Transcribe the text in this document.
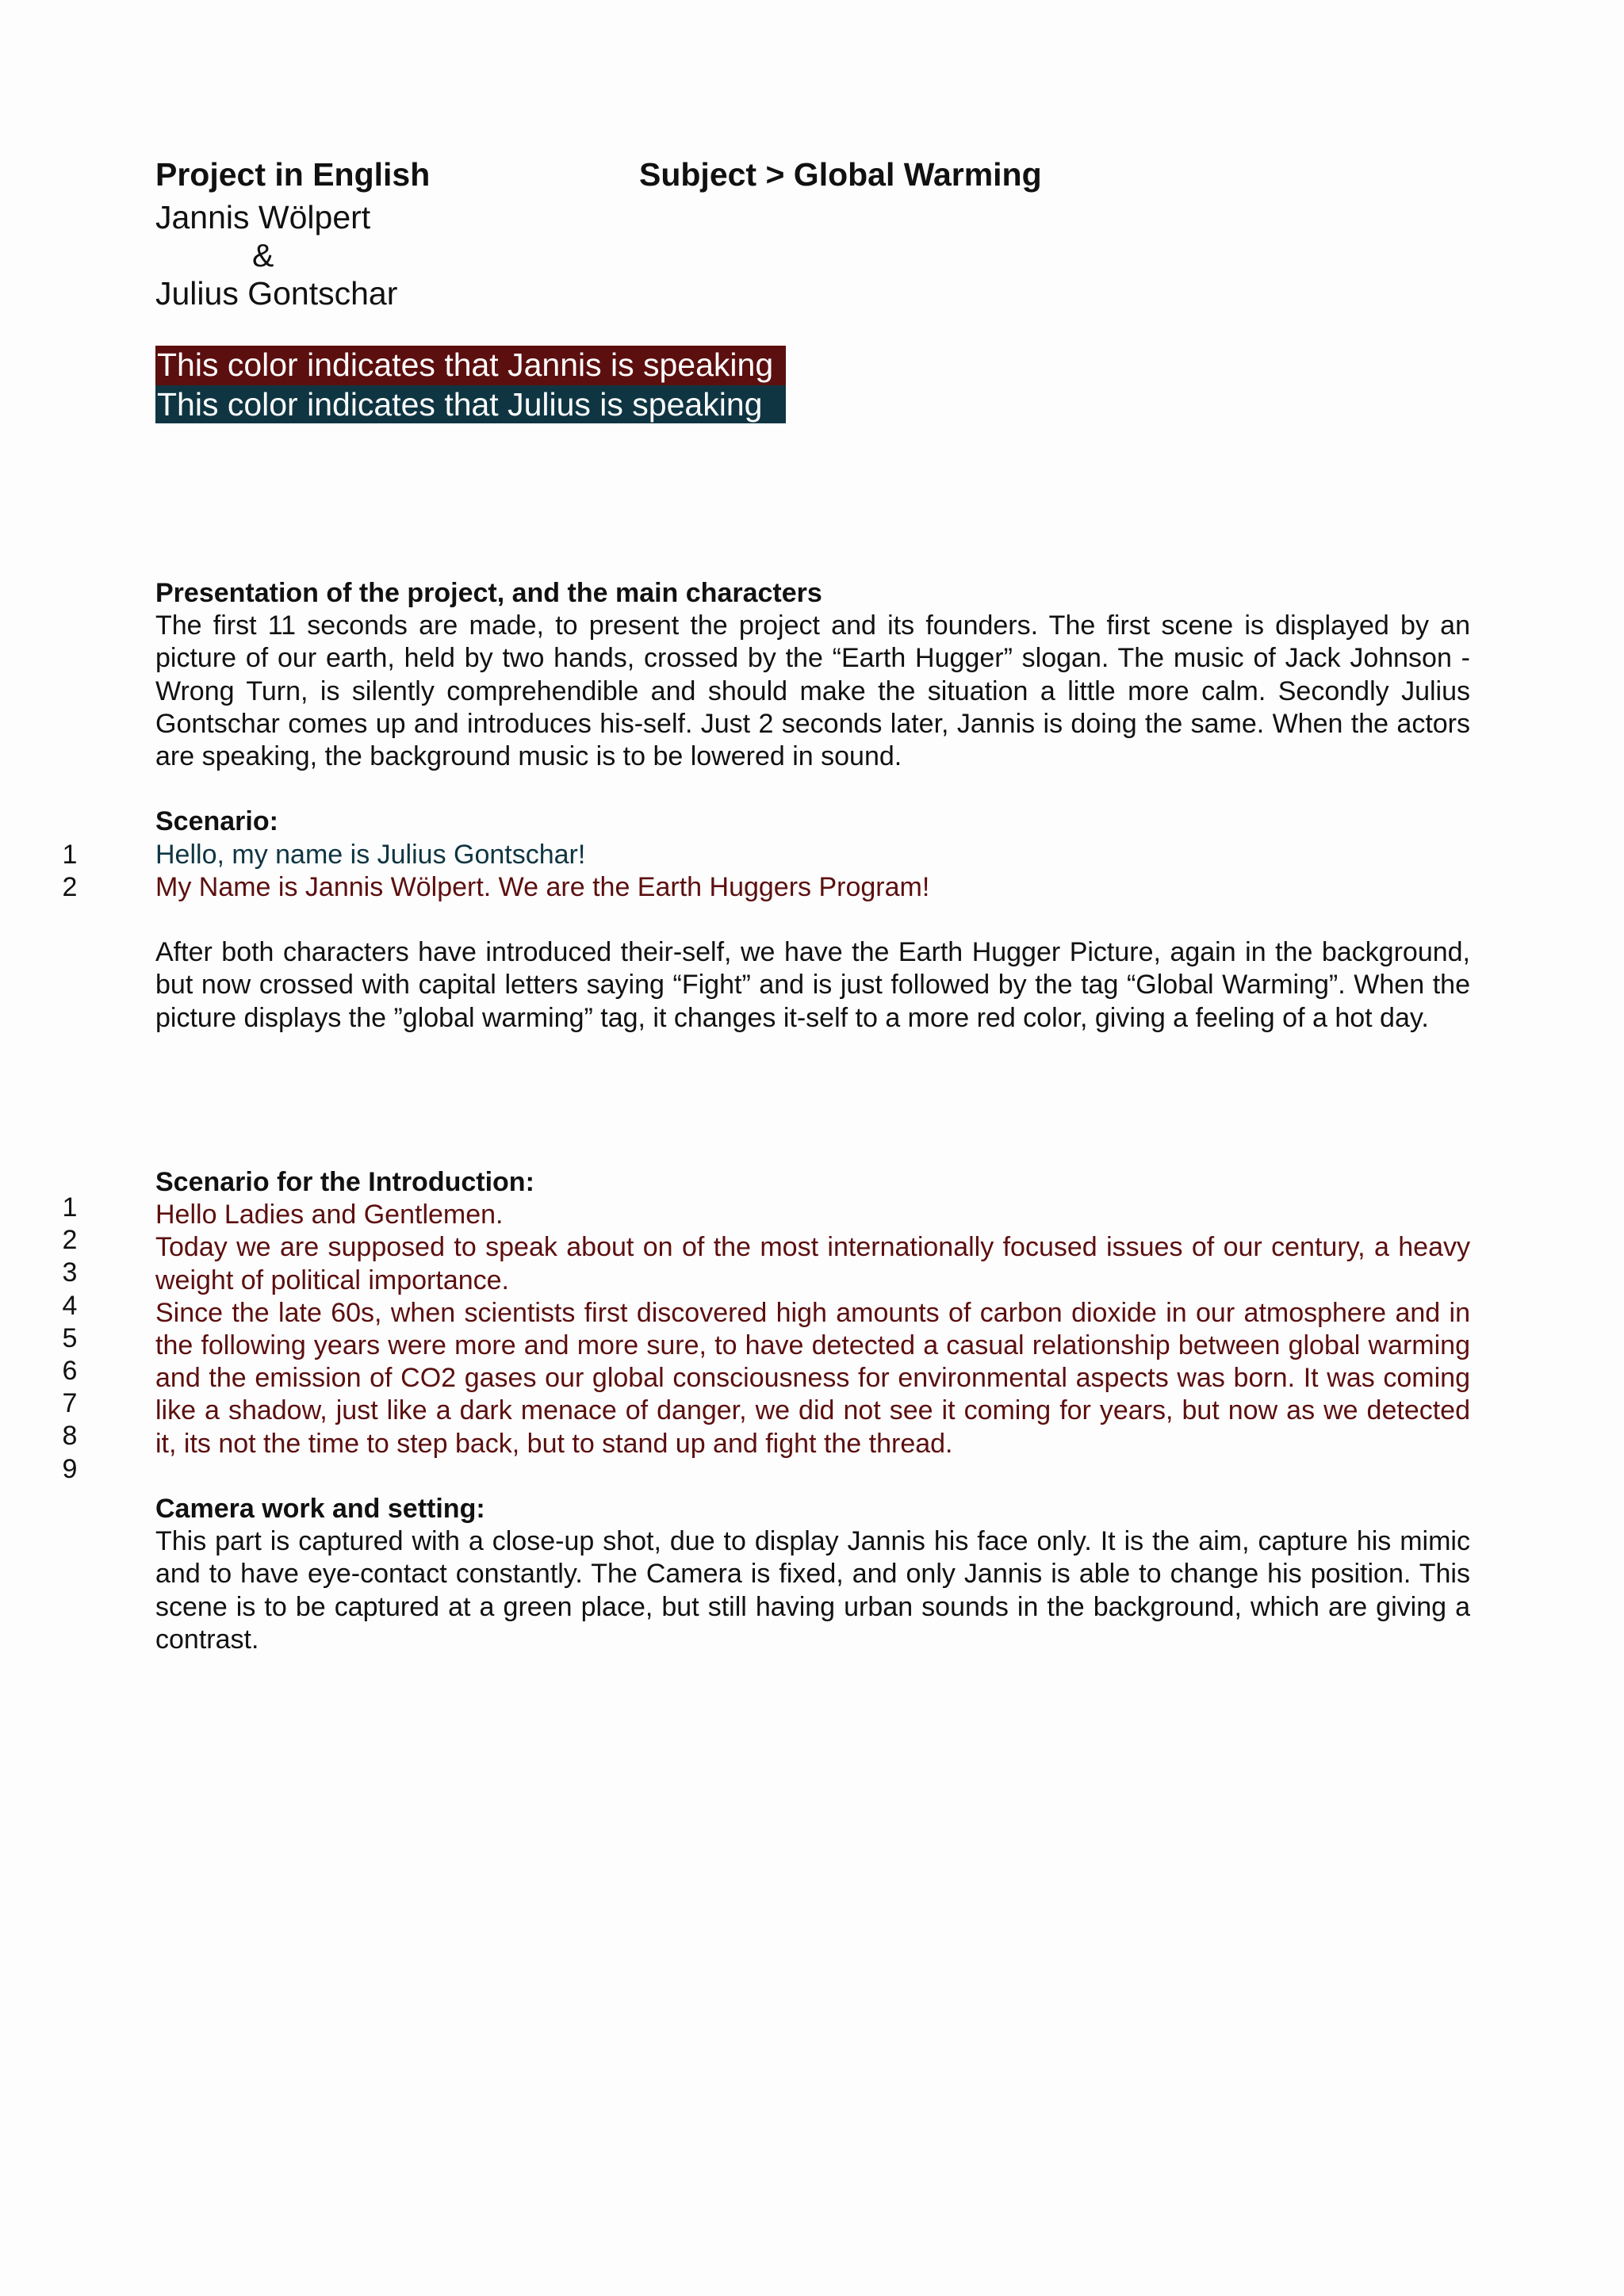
Project in English	Subject > Global Warming
Jannis Wölpert
&
Julius Gontschar
This color indicates that Jannis is speaking
This color indicates that Julius is speaking

Presentation of the project, and the main characters

The first 11 seconds are made, to present the project and its founders. The first scene is displayed by an picture of our earth, held by two hands, crossed by the “Earth Hugger” slogan. The music of Jack Johnson - Wrong Turn, is silently comprehendible and should make the situation a little more calm. Secondly Julius Gontschar comes up and introduces his-self. Just 2 seconds later, Jannis is doing the same. When the actors are speaking, the background music is to be lowered in sound.

Scenario:

Hello, my name is Julius Gontschar!

My Name is Jannis Wölpert. We are the Earth Huggers Program!

After both characters have introduced their-self, we have the Earth Hugger Picture, again in the background, but now crossed with capital letters saying “Fight” and is just followed by the tag “Global Warming”. When the picture displays the ”global warming” tag, it changes it-self to a more red color, giving a feeling of a hot day.

1
2

Scenario for the Introduction:

Hello Ladies and Gentlemen.

Today we are supposed to speak about on of the most internationally focused issues of our century, a heavy weight of political importance.

Since the late 60s, when scientists first discovered high amounts of carbon dioxide in our atmosphere and in the following years were more and more sure, to have detected a casual relationship between global warming and the emission of CO2 gases our global consciousness for environmental aspects was born. It was coming like a shadow, just like a dark menace of danger, we did not see it coming for years, but now as we detected it, its not the time to step back, but to stand up and fight the thread.

Camera work and setting:

This part is captured with a close-up shot, due to display Jannis his face only. It is the aim, capture his mimic and to have eye-contact constantly. The Camera is fixed, and only Jannis is able to change his position. This scene is to be captured at a green place, but still having urban sounds in the background, which are giving a contrast.

1
2
3
4
5
6
7
8
9
